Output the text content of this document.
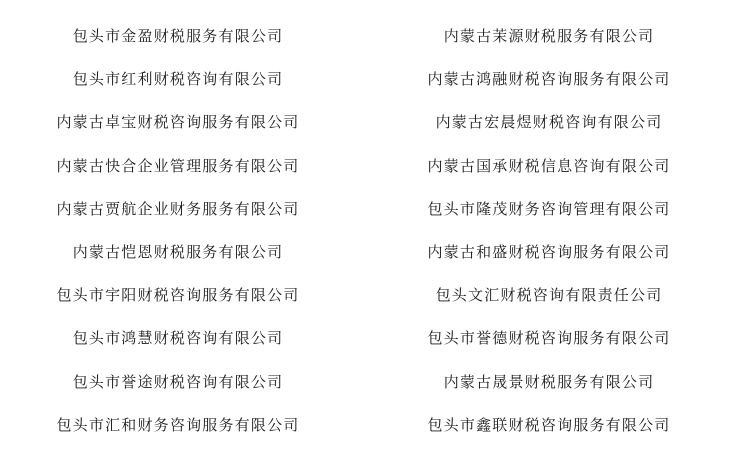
包头市金盈财税服务有限公司
包头市红利财税咨询有限公司
内蒙古卓宝财税咨询服务有限公司
内蒙古快合企业管理服务有限公司
内蒙古贾航企业财务服务有限公司
内蒙古恺恩财税服务有限公司
包头市宇阳财税咨询服务有限公司
包头市鸿慧财税咨询有限公司
包头市誉途财税咨询有限公司
包头市汇和财务咨询服务有限公司
内蒙古茉源财税服务有限公司
内蒙古鸿融财税咨询服务有限公司
内蒙古宏晨煜财税咨询有限公司
内蒙古国承财税信息咨询有限公司
包头市隆茂财务咨询管理有限公司
内蒙古和盛财税咨询服务有限公司
包头文汇财税咨询有限责任公司
包头市誉德财税咨询服务有限公司
内蒙古晟景财税服务有限公司
包头市鑫联财税咨询服务有限公司
